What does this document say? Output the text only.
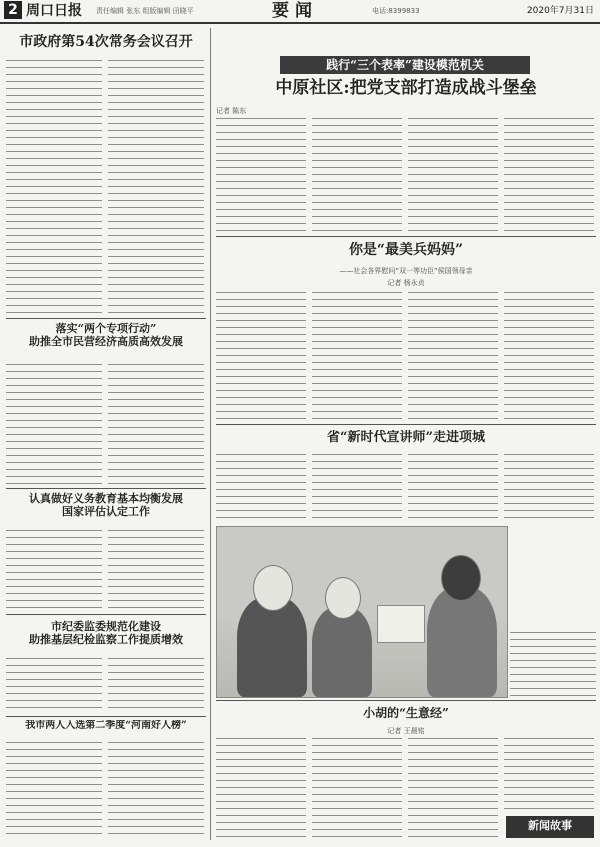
2 周口日报 责任编辑 张东 组版编辑 田晓平	要闻	电话:8399833	2020年7月31日

市政府第54次常务会议召开

落实“两个专项行动”

助推全市民营经济高质高效发展

认真做好义务教育基本均衡发展

国家评估认定工作

市纪委监委规范化建设

助推基层纪检监察工作提质增效

我市两人入选第二季度“河南好人榜”

践行“三个表率”建设模范机关

中原社区:把党支部打造成战斗堡垒

记者 陈东

你是“最美兵妈妈”

——社会各界慰问“双一等功臣”侯国领母亲
记者 杨永贞

省“新时代宣讲师”走进项城

小胡的“生意经”

记者 王晨铭
新闻故事
